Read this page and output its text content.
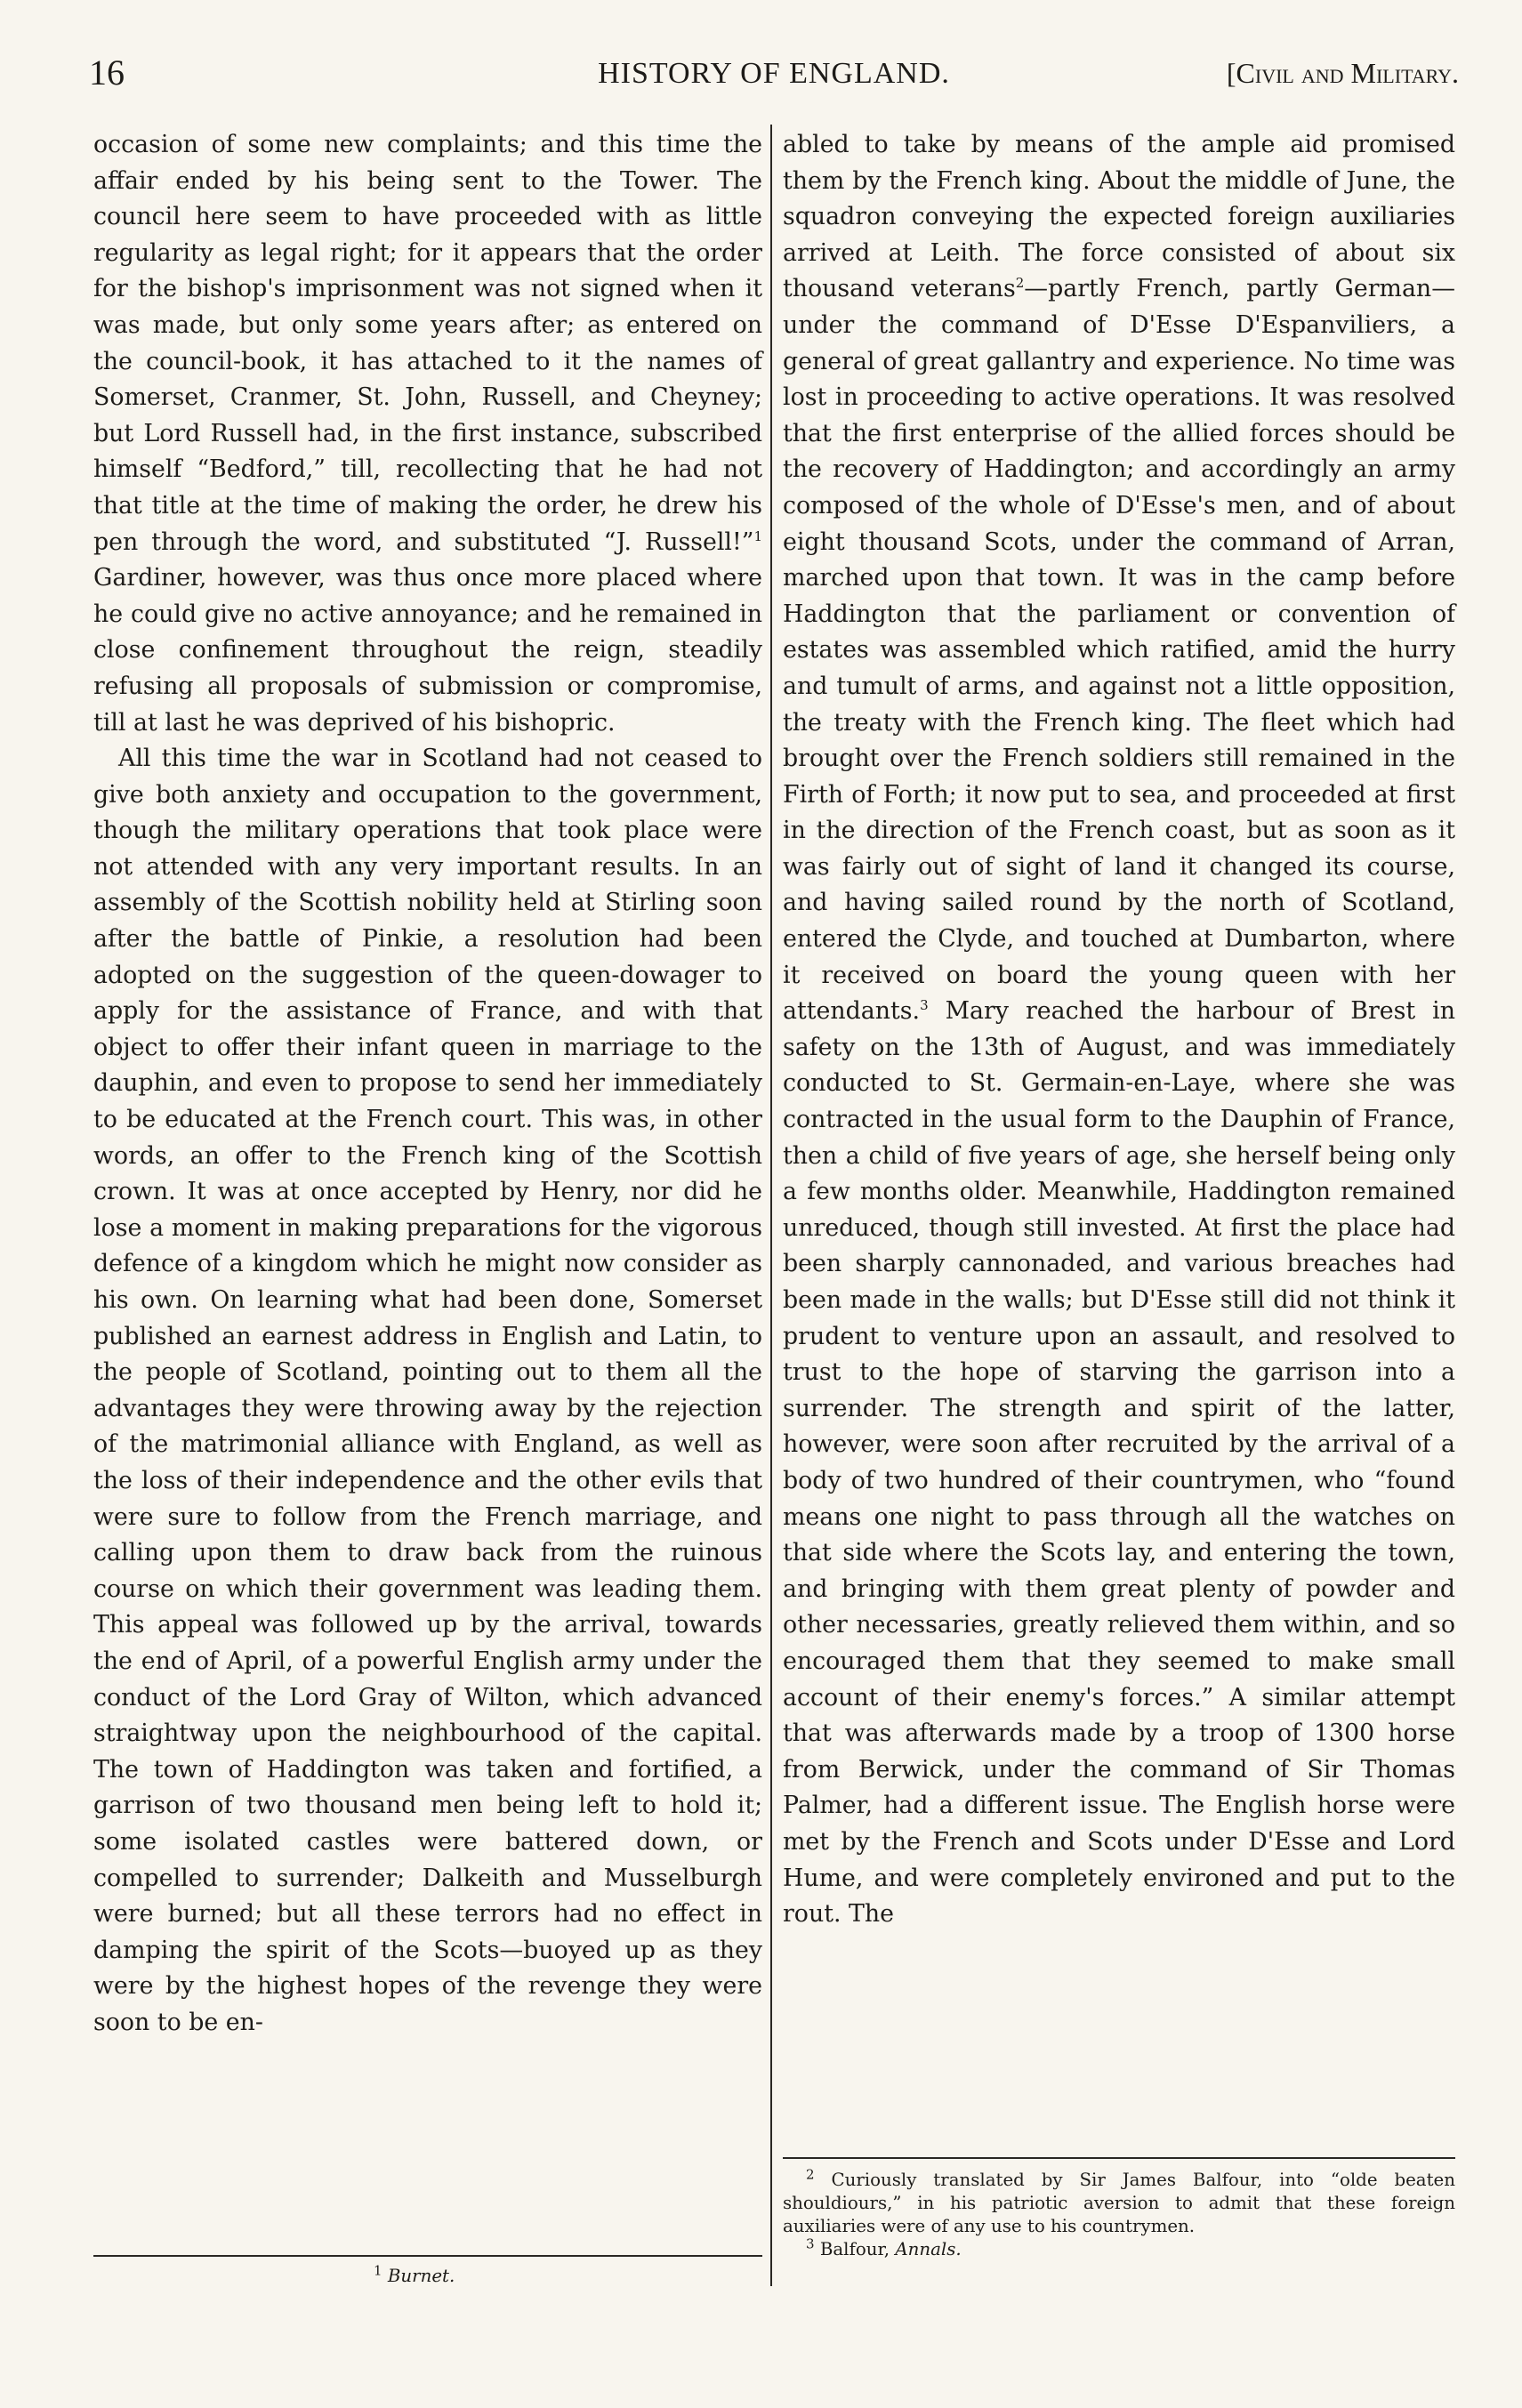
16	HISTORY OF ENGLAND.	[Civil and Military.

occasion of some new complaints; and this time the affair ended by his being sent to the Tower. The council here seem to have proceeded with as little regularity as legal right; for it appears that the order for the bishop's imprisonment was not signed when it was made, but only some years after; as entered on the council-book, it has attached to it the names of Somerset, Cranmer, St. John, Russell, and Cheyney; but Lord Russell had, in the first instance, subscribed himself “Bedford,” till, recollecting that he had not that title at the time of making the order, he drew his pen through the word, and substituted “J. Russell!”$^1$ Gardiner, however, was thus once more placed where he could give no active annoyance; and he remained in close confinement throughout the reign, steadily refusing all proposals of submission or compromise, till at last he was deprived of his bishopric.

All this time the war in Scotland had not ceased to give both anxiety and occupation to the government, though the military operations that took place were not attended with any very important results. In an assembly of the Scottish nobility held at Stirling soon after the battle of Pinkie, a resolution had been adopted on the suggestion of the queen-dowager to apply for the assistance of France, and with that object to offer their infant queen in marriage to the dauphin, and even to propose to send her immediately to be educated at the French court. This was, in other words, an offer to the French king of the Scottish crown. It was at once accepted by Henry, nor did he lose a moment in making preparations for the vigorous defence of a kingdom which he might now consider as his own. On learning what had been done, Somerset published an earnest address in English and Latin, to the people of Scotland, pointing out to them all the advantages they were throwing away by the rejection of the matrimonial alliance with England, as well as the loss of their independence and the other evils that were sure to follow from the French marriage, and calling upon them to draw back from the ruinous course on which their government was leading them. This appeal was followed up by the arrival, towards the end of April, of a powerful English army under the conduct of the Lord Gray of Wilton, which advanced straightway upon the neighbourhood of the capital. The town of Haddington was taken and fortified, a garrison of two thousand men being left to hold it; some isolated castles were battered down, or compelled to surrender; Dalkeith and Musselburgh were burned; but all these terrors had no effect in damping the spirit of the Scots—buoyed up as they were by the highest hopes of the revenge they were soon to be en-

$^1$ Burnet.

abled to take by means of the ample aid promised them by the French king. About the middle of June, the squadron conveying the expected foreign auxiliaries arrived at Leith. The force consisted of about six thousand veterans$^2$—partly French, partly German—under the command of D'Esse D'Espanviliers, a general of great gallantry and experience. No time was lost in proceeding to active operations. It was resolved that the first enterprise of the allied forces should be the recovery of Haddington; and accordingly an army composed of the whole of D'Esse's men, and of about eight thousand Scots, under the command of Arran, marched upon that town. It was in the camp before Haddington that the parliament or convention of estates was assembled which ratified, amid the hurry and tumult of arms, and against not a little opposition, the treaty with the French king. The fleet which had brought over the French soldiers still remained in the Firth of Forth; it now put to sea, and proceeded at first in the direction of the French coast, but as soon as it was fairly out of sight of land it changed its course, and having sailed round by the north of Scotland, entered the Clyde, and touched at Dumbarton, where it received on board the young queen with her attendants.$^3$ Mary reached the harbour of Brest in safety on the 13th of August, and was immediately conducted to St. Germain-en-Laye, where she was contracted in the usual form to the Dauphin of France, then a child of five years of age, she herself being only a few months older. Meanwhile, Haddington remained unreduced, though still invested. At first the place had been sharply cannonaded, and various breaches had been made in the walls; but D'Esse still did not think it prudent to venture upon an assault, and resolved to trust to the hope of starving the garrison into a surrender. The strength and spirit of the latter, however, were soon after recruited by the arrival of a body of two hundred of their countrymen, who “found means one night to pass through all the watches on that side where the Scots lay, and entering the town, and bringing with them great plenty of powder and other necessaries, greatly relieved them within, and so encouraged them that they seemed to make small account of their enemy's forces.” A similar attempt that was afterwards made by a troop of 1300 horse from Berwick, under the command of Sir Thomas Palmer, had a different issue. The English horse were met by the French and Scots under D'Esse and Lord Hume, and were completely environed and put to the rout. The

$^2$ Curiously translated by Sir James Balfour, into “olde beaten shouldiours,” in his patriotic aversion to admit that these foreign auxiliaries were of any use to his countrymen.
$^3$ Balfour, Annals.
